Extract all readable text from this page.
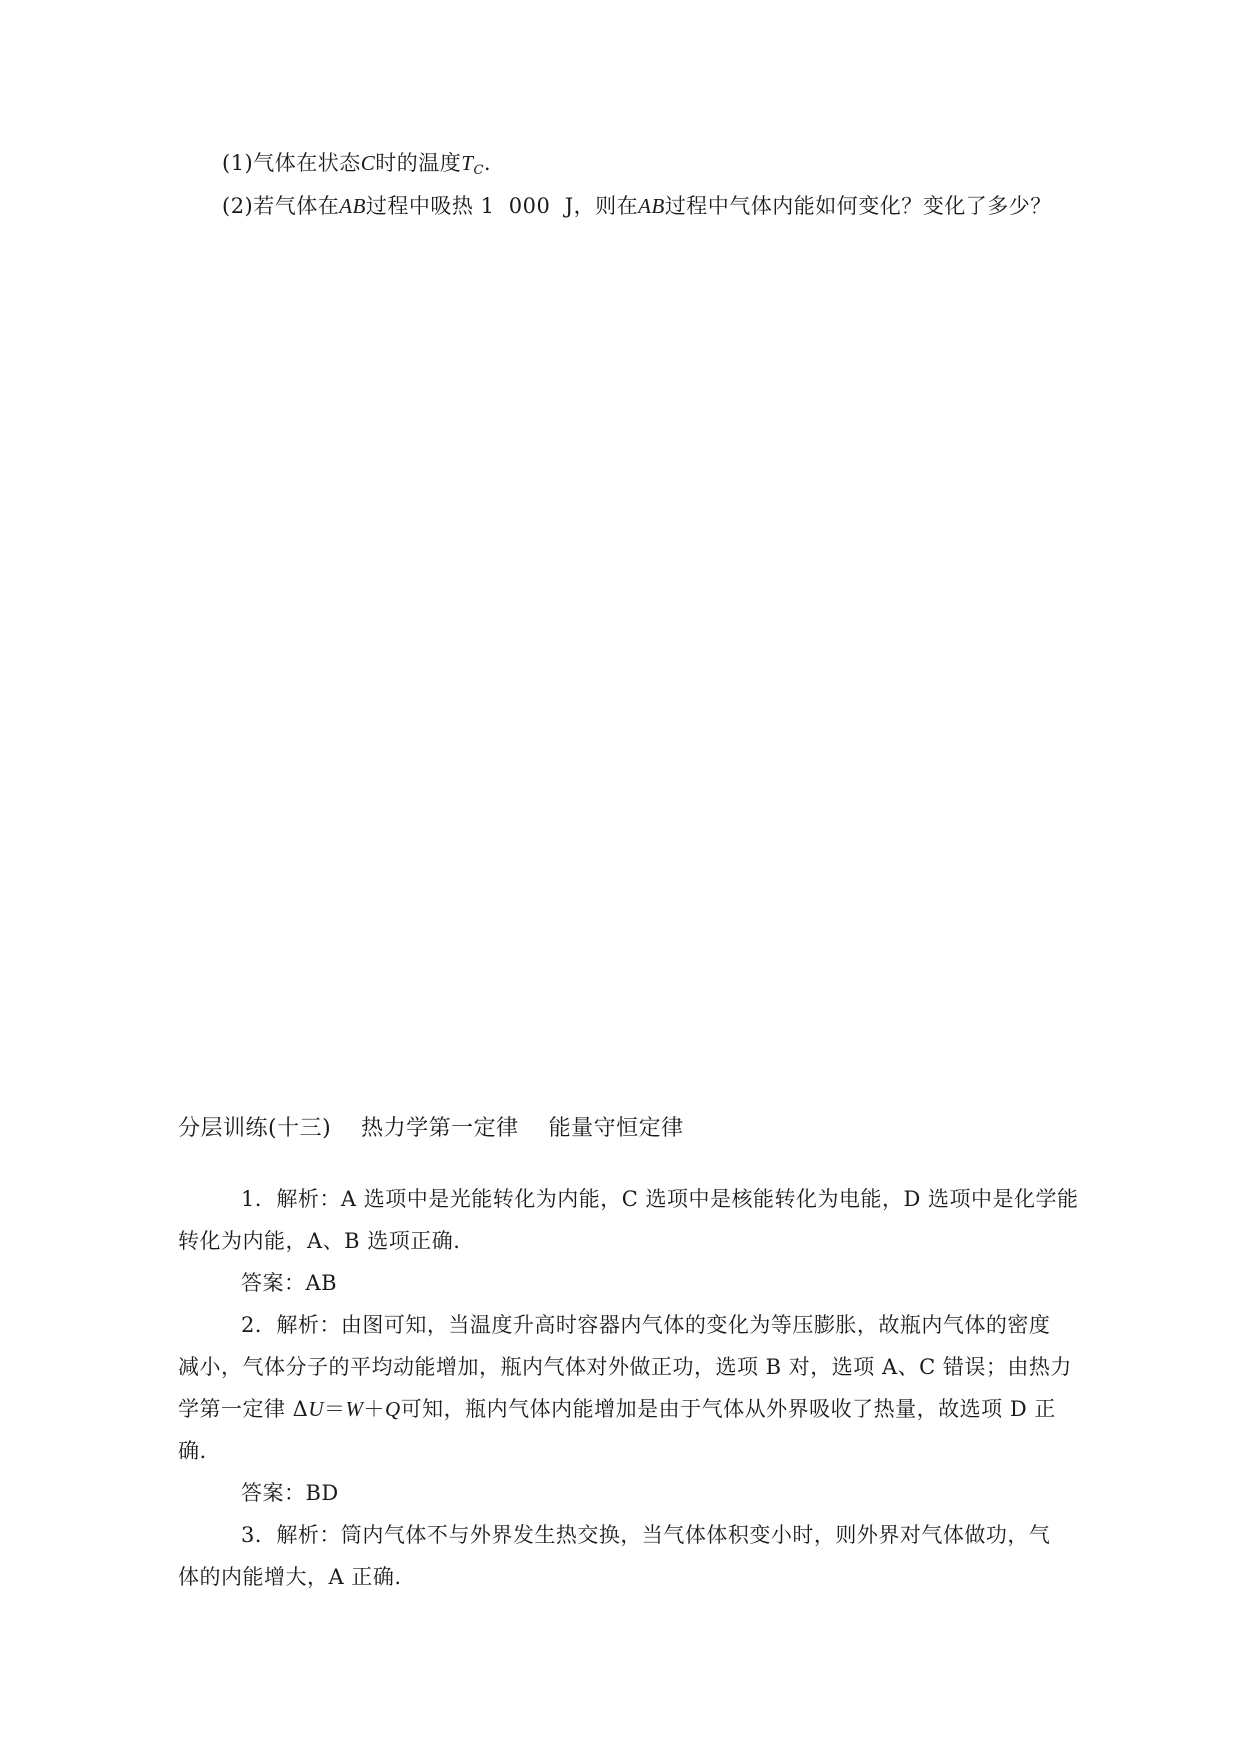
(1)气体在状态C时的温度$T_C$.
(2)若气体在AB过程中吸热 1  000  J，则在AB过程中气体内能如何变化？变化了多少？
分层训练(十三)    热力学第一定律    能量守恒定律
1．解析：A 选项中是光能转化为内能，C 选项中是核能转化为电能，D 选项中是化学能
转化为内能，A、B 选项正确.
答案：AB
2．解析：由图可知，当温度升高时容器内气体的变化为等压膨胀，故瓶内气体的密度
减小，气体分子的平均动能增加，瓶内气体对外做正功，选项 B 对，选项 A、C 错误；由热力
学第一定律 ΔU＝W＋Q可知，瓶内气体内能增加是由于气体从外界吸收了热量，故选项 D 正
确.
答案：BD
3．解析：筒内气体不与外界发生热交换，当气体体积变小时，则外界对气体做功，气
体的内能增大，A 正确.
